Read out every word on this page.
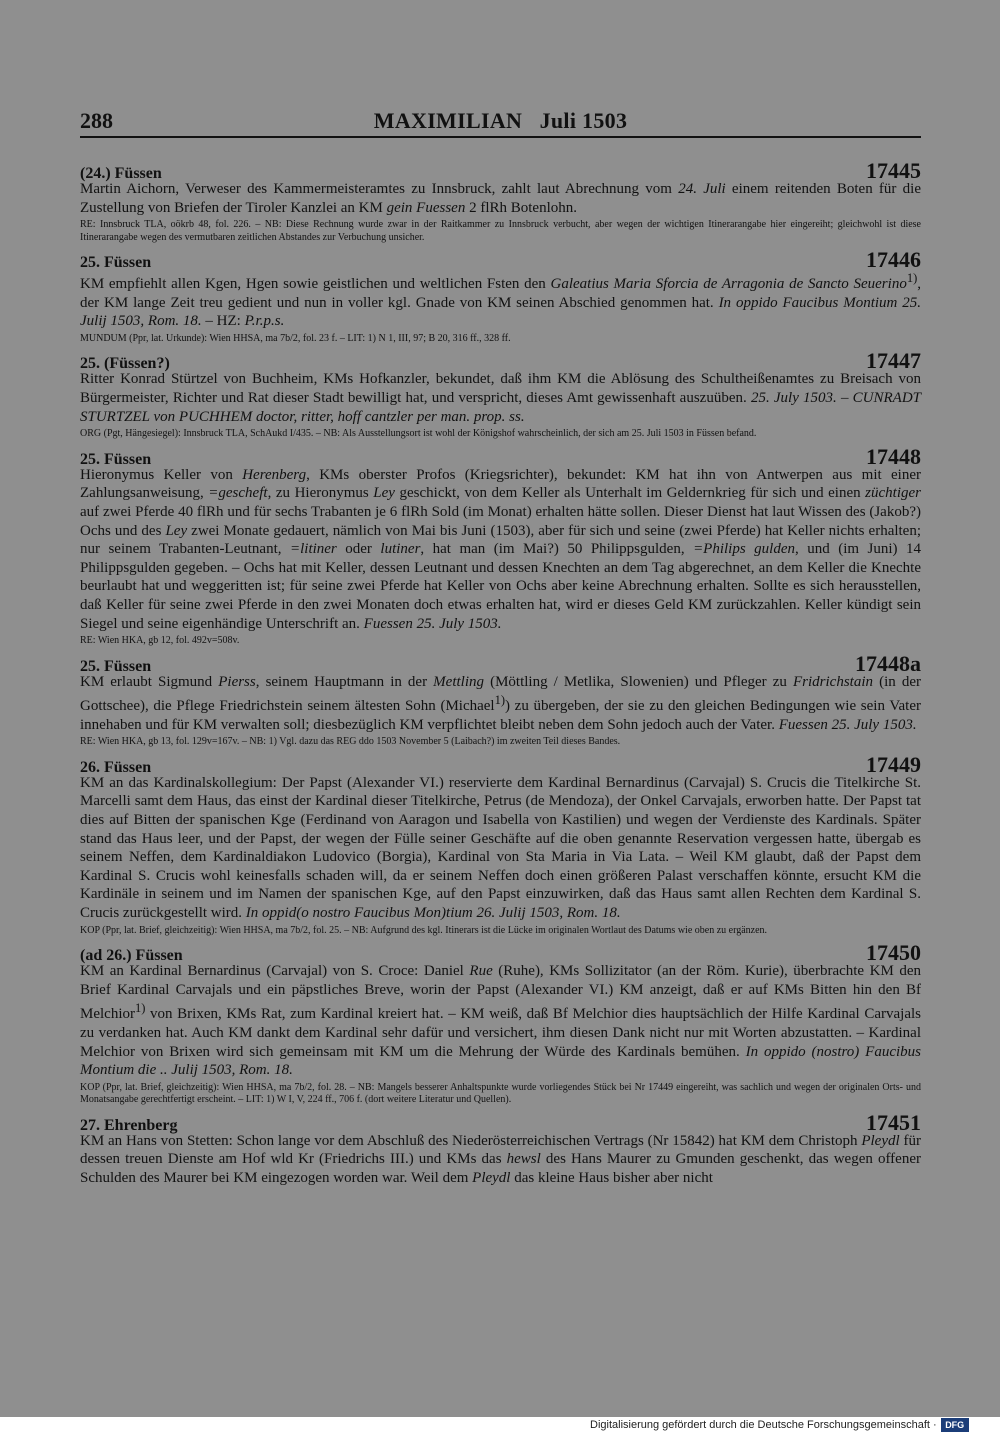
288	MAXIMILIAN   Juli 1503
(24.) Füssen	17445

Martin Aichorn, Verweser des Kammermeisteramtes zu Innsbruck, zahlt laut Abrechnung vom 24. Juli einem reitenden Boten für die Zustellung von Briefen der Tiroler Kanzlei an KM gein Fuessen 2 flRh Botenlohn.

RE: Innsbruck TLA, oökrb 48, fol. 226. – NB: Diese Rechnung wurde zwar in der Raitkammer zu Innsbruck verbucht, aber wegen der wichtigen Itinerarangabe hier eingereiht; gleichwohl ist diese Itinerarangabe wegen des vermutbaren zeitlichen Abstandes zur Verbuchung unsicher.

25. Füssen	17446

KM empfiehlt allen Kgen, Hgen sowie geistlichen und weltlichen Fsten den Galeatius Maria Sforcia de Arragonia de Sancto Seuerino$^{1)}$, der KM lange Zeit treu gedient und nun in voller kgl. Gnade von KM seinen Abschied genommen hat. In oppido Faucibus Montium 25. Julij 1503, Rom. 18. – HZ: P.r.p.s.

MUNDUM (Ppr, lat. Urkunde): Wien HHSA, ma 7b/2, fol. 23 f. – LIT: 1) N 1, III, 97; B 20, 316 ff., 328 ff.

25. (Füssen?)	17447

Ritter Konrad Stürtzel von Buchheim, KMs Hofkanzler, bekundet, daß ihm KM die Ablösung des Schultheißenamtes zu Breisach von Bürgermeister, Richter und Rat dieser Stadt bewilligt hat, und verspricht, dieses Amt gewissenhaft auszuüben. 25. July 1503. – CUNRADT STURTZEL von PUCHHEM doctor, ritter, hoff cantzler per man. prop. ss.

ORG (Pgt, Hängesiegel): Innsbruck TLA, SchAukd I/435. – NB: Als Ausstellungsort ist wohl der Königshof wahrscheinlich, der sich am 25. Juli 1503 in Füssen befand.

25. Füssen	17448

Hieronymus Keller von Herenberg, KMs oberster Profos (Kriegsrichter), bekundet: KM hat ihn von Antwerpen aus mit einer Zahlungsanweisung, =gescheft, zu Hieronymus Ley geschickt, von dem Keller als Unterhalt im Geldernkrieg für sich und einen züchtiger auf zwei Pferde 40 flRh und für sechs Trabanten je 6 flRh Sold (im Monat) erhalten hätte sollen. Dieser Dienst hat laut Wissen des (Jakob?) Ochs und des Ley zwei Monate gedauert, nämlich von Mai bis Juni (1503), aber für sich und seine (zwei Pferde) hat Keller nichts erhalten; nur seinem Trabanten-Leutnant, =litiner oder lutiner, hat man (im Mai?) 50 Philippsgulden, =Philips gulden, und (im Juni) 14 Philippsgulden gegeben. – Ochs hat mit Keller, dessen Leutnant und dessen Knechten an dem Tag abgerechnet, an dem Keller die Knechte beurlaubt hat und weggeritten ist; für seine zwei Pferde hat Keller von Ochs aber keine Abrechnung erhalten. Sollte es sich herausstellen, daß Keller für seine zwei Pferde in den zwei Monaten doch etwas erhalten hat, wird er dieses Geld KM zurückzahlen. Keller kündigt sein Siegel und seine eigenhändige Unterschrift an. Fuessen 25. July 1503.

RE: Wien HKA, gb 12, fol. 492v=508v.

25. Füssen	17448a

KM erlaubt Sigmund Pierss, seinem Hauptmann in der Mettling (Möttling / Metlika, Slowenien) und Pfleger zu Fridrichstain (in der Gottschee), die Pflege Friedrichstein seinem ältesten Sohn (Michael$^{1)}$) zu übergeben, der sie zu den gleichen Bedingungen wie sein Vater innehaben und für KM verwalten soll; diesbezüglich KM verpflichtet bleibt neben dem Sohn jedoch auch der Vater. Fuessen 25. July 1503.

RE: Wien HKA, gb 13, fol. 129v=167v. – NB: 1) Vgl. dazu das REG ddo 1503 November 5 (Laibach?) im zweiten Teil dieses Bandes.

26. Füssen	17449

KM an das Kardinalskollegium: Der Papst (Alexander VI.) reservierte dem Kardinal Bernardinus (Carvajal) S. Crucis die Titelkirche St. Marcelli samt dem Haus, das einst der Kardinal dieser Titelkirche, Petrus (de Mendoza), der Onkel Carvajals, erworben hatte. Der Papst tat dies auf Bitten der spanischen Kge (Ferdinand von Aaragon und Isabella von Kastilien) und wegen der Verdienste des Kardinals. Später stand das Haus leer, und der Papst, der wegen der Fülle seiner Geschäfte auf die oben genannte Reservation vergessen hatte, übergab es seinem Neffen, dem Kardinaldiakon Ludovico (Borgia), Kardinal von Sta Maria in Via Lata. – Weil KM glaubt, daß der Papst dem Kardinal S. Crucis wohl keinesfalls schaden will, da er seinem Neffen doch einen größeren Palast verschaffen könnte, ersucht KM die Kardinäle in seinem und im Namen der spanischen Kge, auf den Papst einzuwirken, daß das Haus samt allen Rechten dem Kardinal S. Crucis zurückgestellt wird. In oppid(o nostro Faucibus Mon)tium 26. Julij 1503, Rom. 18.

KOP (Ppr, lat. Brief, gleichzeitig): Wien HHSA, ma 7b/2, fol. 25. – NB: Aufgrund des kgl. Itinerars ist die Lücke im originalen Wortlaut des Datums wie oben zu ergänzen.

(ad 26.) Füssen	17450

KM an Kardinal Bernardinus (Carvajal) von S. Croce: Daniel Rue (Ruhe), KMs Sollizitator (an der Röm. Kurie), überbrachte KM den Brief Kardinal Carvajals und ein päpstliches Breve, worin der Papst (Alexander VI.) KM anzeigt, daß er auf KMs Bitten hin den Bf Melchior$^{1)}$ von Brixen, KMs Rat, zum Kardinal kreiert hat. – KM weiß, daß Bf Melchior dies hauptsächlich der Hilfe Kardinal Carvajals zu verdanken hat. Auch KM dankt dem Kardinal sehr dafür und versichert, ihm diesen Dank nicht nur mit Worten abzustatten. – Kardinal Melchior von Brixen wird sich gemeinsam mit KM um die Mehrung der Würde des Kardinals bemühen. In oppido (nostro) Faucibus Montium die .. Julij 1503, Rom. 18.

KOP (Ppr, lat. Brief, gleichzeitig): Wien HHSA, ma 7b/2, fol. 28. – NB: Mangels besserer Anhaltspunkte wurde vorliegendes Stück bei Nr 17449 eingereiht, was sachlich und wegen der originalen Orts- und Monatsangabe gerechtfertigt erscheint. – LIT: 1) W I, V, 224 ff., 706 f. (dort weitere Literatur und Quellen).

27. Ehrenberg	17451

KM an Hans von Stetten: Schon lange vor dem Abschluß des Niederösterreichischen Vertrags (Nr 15842) hat KM dem Christoph Pleydl für dessen treuen Dienste am Hof wld Kr (Friedrichs III.) und KMs das hewsl des Hans Maurer zu Gmunden geschenkt, das wegen offener Schulden des Maurer bei KM eingezogen worden war. Weil dem Pleydl das kleine Haus bisher aber nicht

Digitalisierung gefördert durch die Deutsche Forschungsgemeinschaft · DFG
